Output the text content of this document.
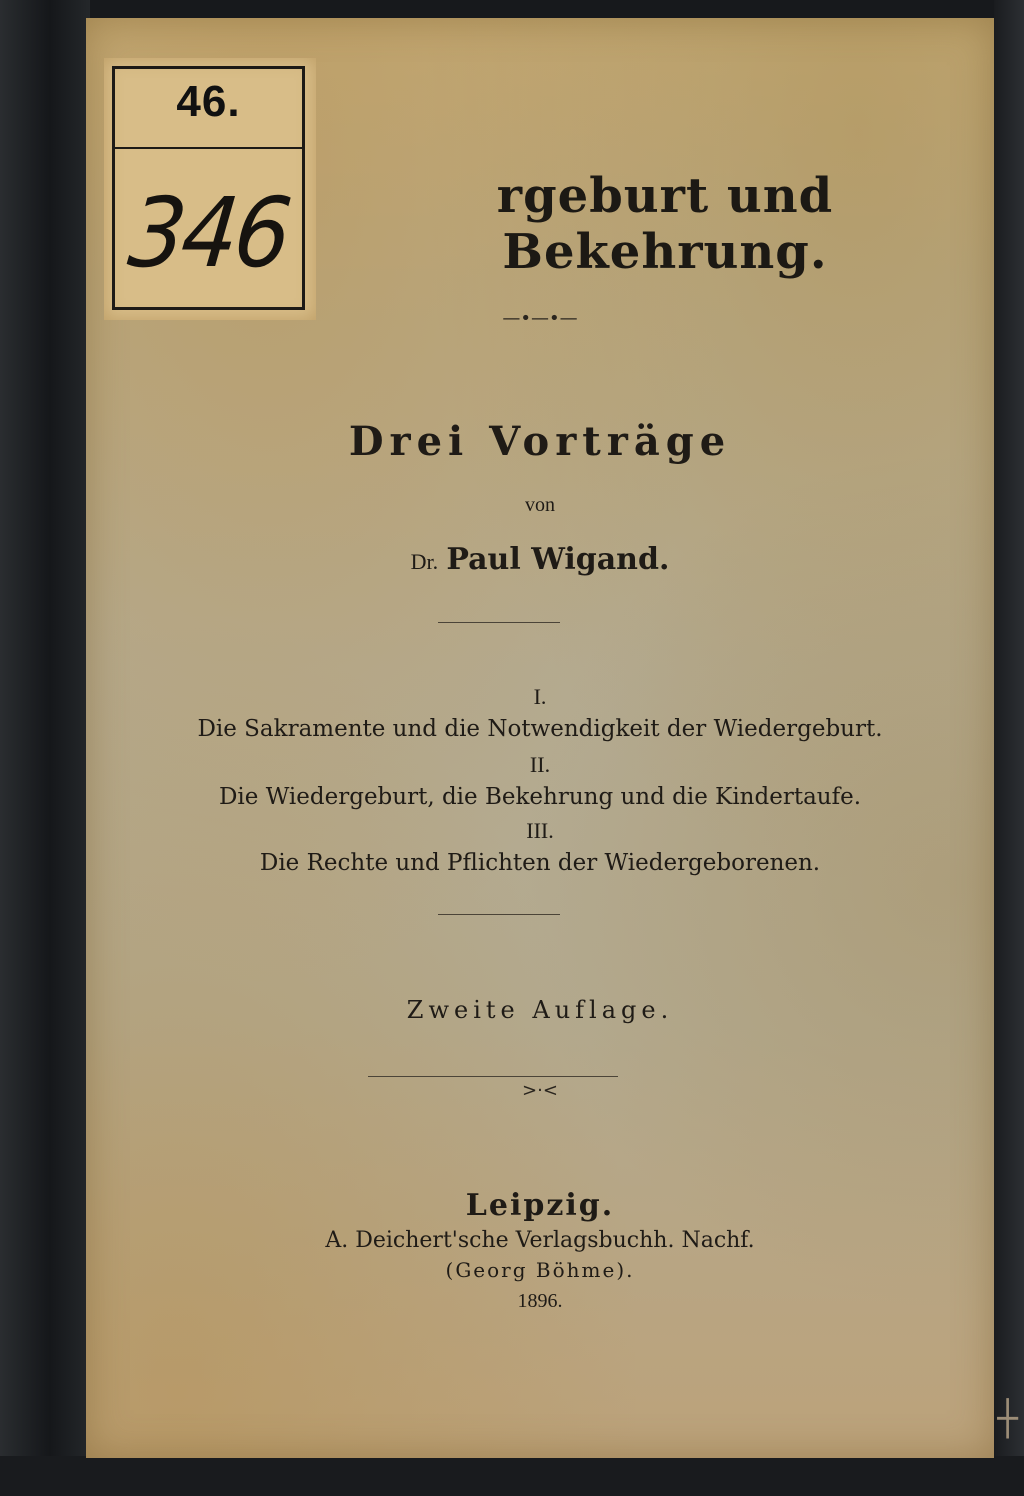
rgeburt und Bekehrung.
46.
346
—•—•—
Drei Vorträge
von
Dr. Paul Wigand.
I.
Die Sakramente und die Notwendigkeit der Wiedergeburt.
II.
Die Wiedergeburt, die Bekehrung und die Kindertaufe.
III.
Die Rechte und Pflichten der Wiedergeborenen.
Zweite Auflage.
>·<
Leipzig.
A. Deichert'sche Verlagsbuchh. Nachf.
(Georg Böhme).
1896.
┼
